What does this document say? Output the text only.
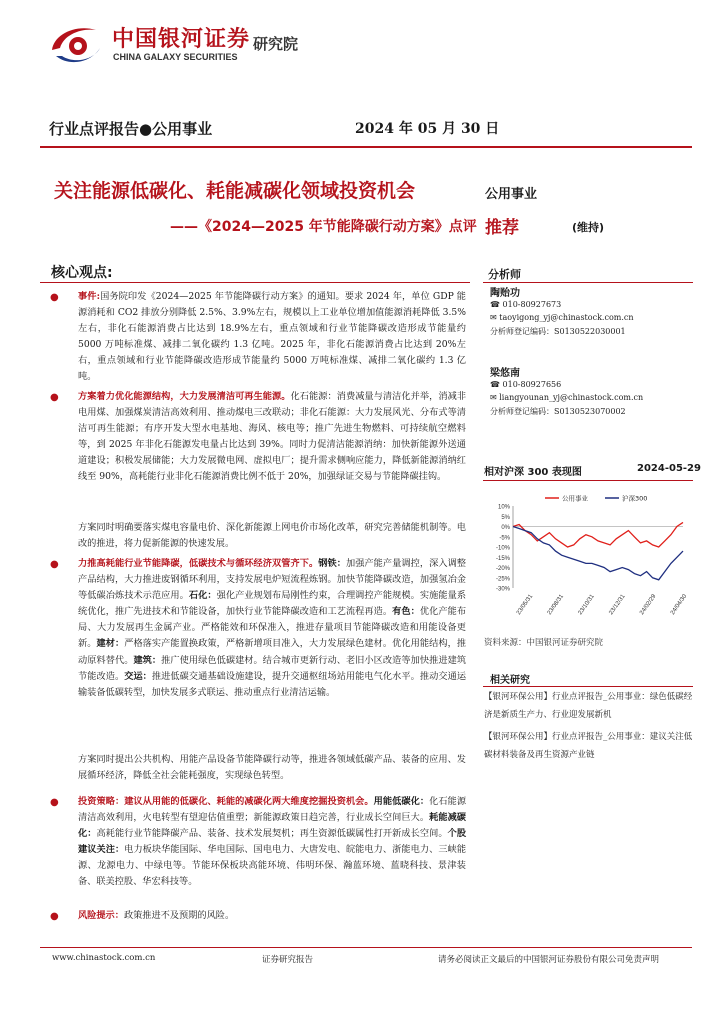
中国银河证券
CHINA GALAXY SECURITIES
研究院
行业点评报告●公用事业	2024 年 05 月 30 日
关注能源低碳化、耗能减碳化领域投资机会
——《2024—2025 年节能降碳行动方案》点评
公用事业
推荐	(维持)
核心观点:
● 事件:国务院印发《2024—2025 年节能降碳行动方案》的通知。要求 2024 年，单位 GDP 能源消耗和 CO2 排放分别降低 2.5%、3.9%左右，规模以上工业单位增加值能源消耗降低 3.5%左右，非化石能源消费占比达到 18.9%左右，重点领域和行业节能降碳改造形成节能量约 5000 万吨标准煤、减排二氧化碳约 1.3 亿吨。2025 年，非化石能源消费占比达到 20%左右，重点领域和行业节能降碳改造形成节能量约 5000 万吨标准煤、减排二氧化碳约 1.3 亿吨。
● 方案着力优化能源结构，大力发展清洁可再生能源。化石能源：消费减量与清洁化并举，消减非电用煤、加强煤炭清洁高效利用、推动煤电三改联动；非化石能源：大力发展风光、分布式等清洁可再生能源；有序开发大型水电基地、海风、核电等；推广先进生物燃料、可持续航空燃料等，到 2025 年非化石能源发电量占比达到 39%。同时力促清洁能源消纳：加快新能源外送通道建设；积极发展储能；大力发展微电网、虚拟电厂；提升需求侧响应能力，降低新能源消纳红线至 90%，高耗能行业非化石能源消费比例不低于 20%，加强绿证交易与节能降碳挂钩。
方案同时明确要落实煤电容量电价、深化新能源上网电价市场化改革，研究完善储能机制等。电改的推进，将力促新能源的快速发展。
● 力推高耗能行业节能降碳，低碳技术与循环经济双管齐下。钢铁：加强产能产量调控，深入调整产品结构，大力推进废钢循环利用，支持发展电炉短流程炼钢。加快节能降碳改造，加强氢冶金等低碳冶炼技术示范应用。石化：强化产业规划布局刚性约束，合理调控产能规模。实施能量系统优化，推广先进技术和节能设备，加快行业节能降碳改造和工艺流程再造。有色：优化产能布局、大力发展再生金属产业。严格能效和环保准入，推进存量项目节能降碳改造和用能设备更新。建材：严格落实产能置换政策，严格新增项目准入，大力发展绿色建材。优化用能结构，推动原料替代。建筑：推广使用绿色低碳建材。结合城市更新行动、老旧小区改造等加快推进建筑节能改造。交运：推进低碳交通基础设施建设，提升交通枢纽场站用能电气化水平。推动交通运输装备低碳转型，加快发展多式联运、推动重点行业清洁运输。
方案同时提出公共机构、用能产品设备节能降碳行动等，推进各领域低碳产品、装备的应用、发展循环经济，降低全社会能耗强度，实现绿色转型。
● 投资策略：建议从用能的低碳化、耗能的减碳化两大维度挖掘投资机会。用能低碳化：化石能源清洁高效利用，火电转型有望迎估值重塑；新能源政策日趋完善，行业成长空间巨大。耗能减碳化：高耗能行业节能降碳产品、装备、技术发展契机；再生资源低碳属性打开新成长空间。个股建议关注：电力板块华能国际、华电国际、国电电力、大唐发电、皖能电力、浙能电力、三峡能源、龙源电力、中绿电等。节能环保板块高能环境、伟明环保、瀚蓝环境、蓝晓科技、景津装备、联美控股、华宏科技等。
● 风险提示：政策推进不及预期的风险。
分析师
陶贻功
☎ 010-80927673
✉ taoyigong_yj@chinastock.com.cn
分析师登记编码：S0130522030001
梁悠南
☎ 010-80927656
✉ liangyounan_yj@chinastock.com.cn
分析师登记编码：S0130523070002
相对沪深 300 表现图	2024-05-29
10%
5%
0%
-5%
-10%
-15%
-20%
-25%
-30%
23/05/31 23/08/31 23/10/31 23/12/31 24/02/29 24/04/30
公用事业	沪深300
资料来源：中国银河证券研究院
相关研究
【银河环保公用】行业点评报告_公用事业：绿色低碳经济是新质生产力、行业迎发展新机
【银河环保公用】行业点评报告_公用事业：建议关注低碳材料装备及再生资源产业链
www.chinastock.com.cn	证券研究报告	请务必阅读正文最后的中国银河证券股份有限公司免责声明
